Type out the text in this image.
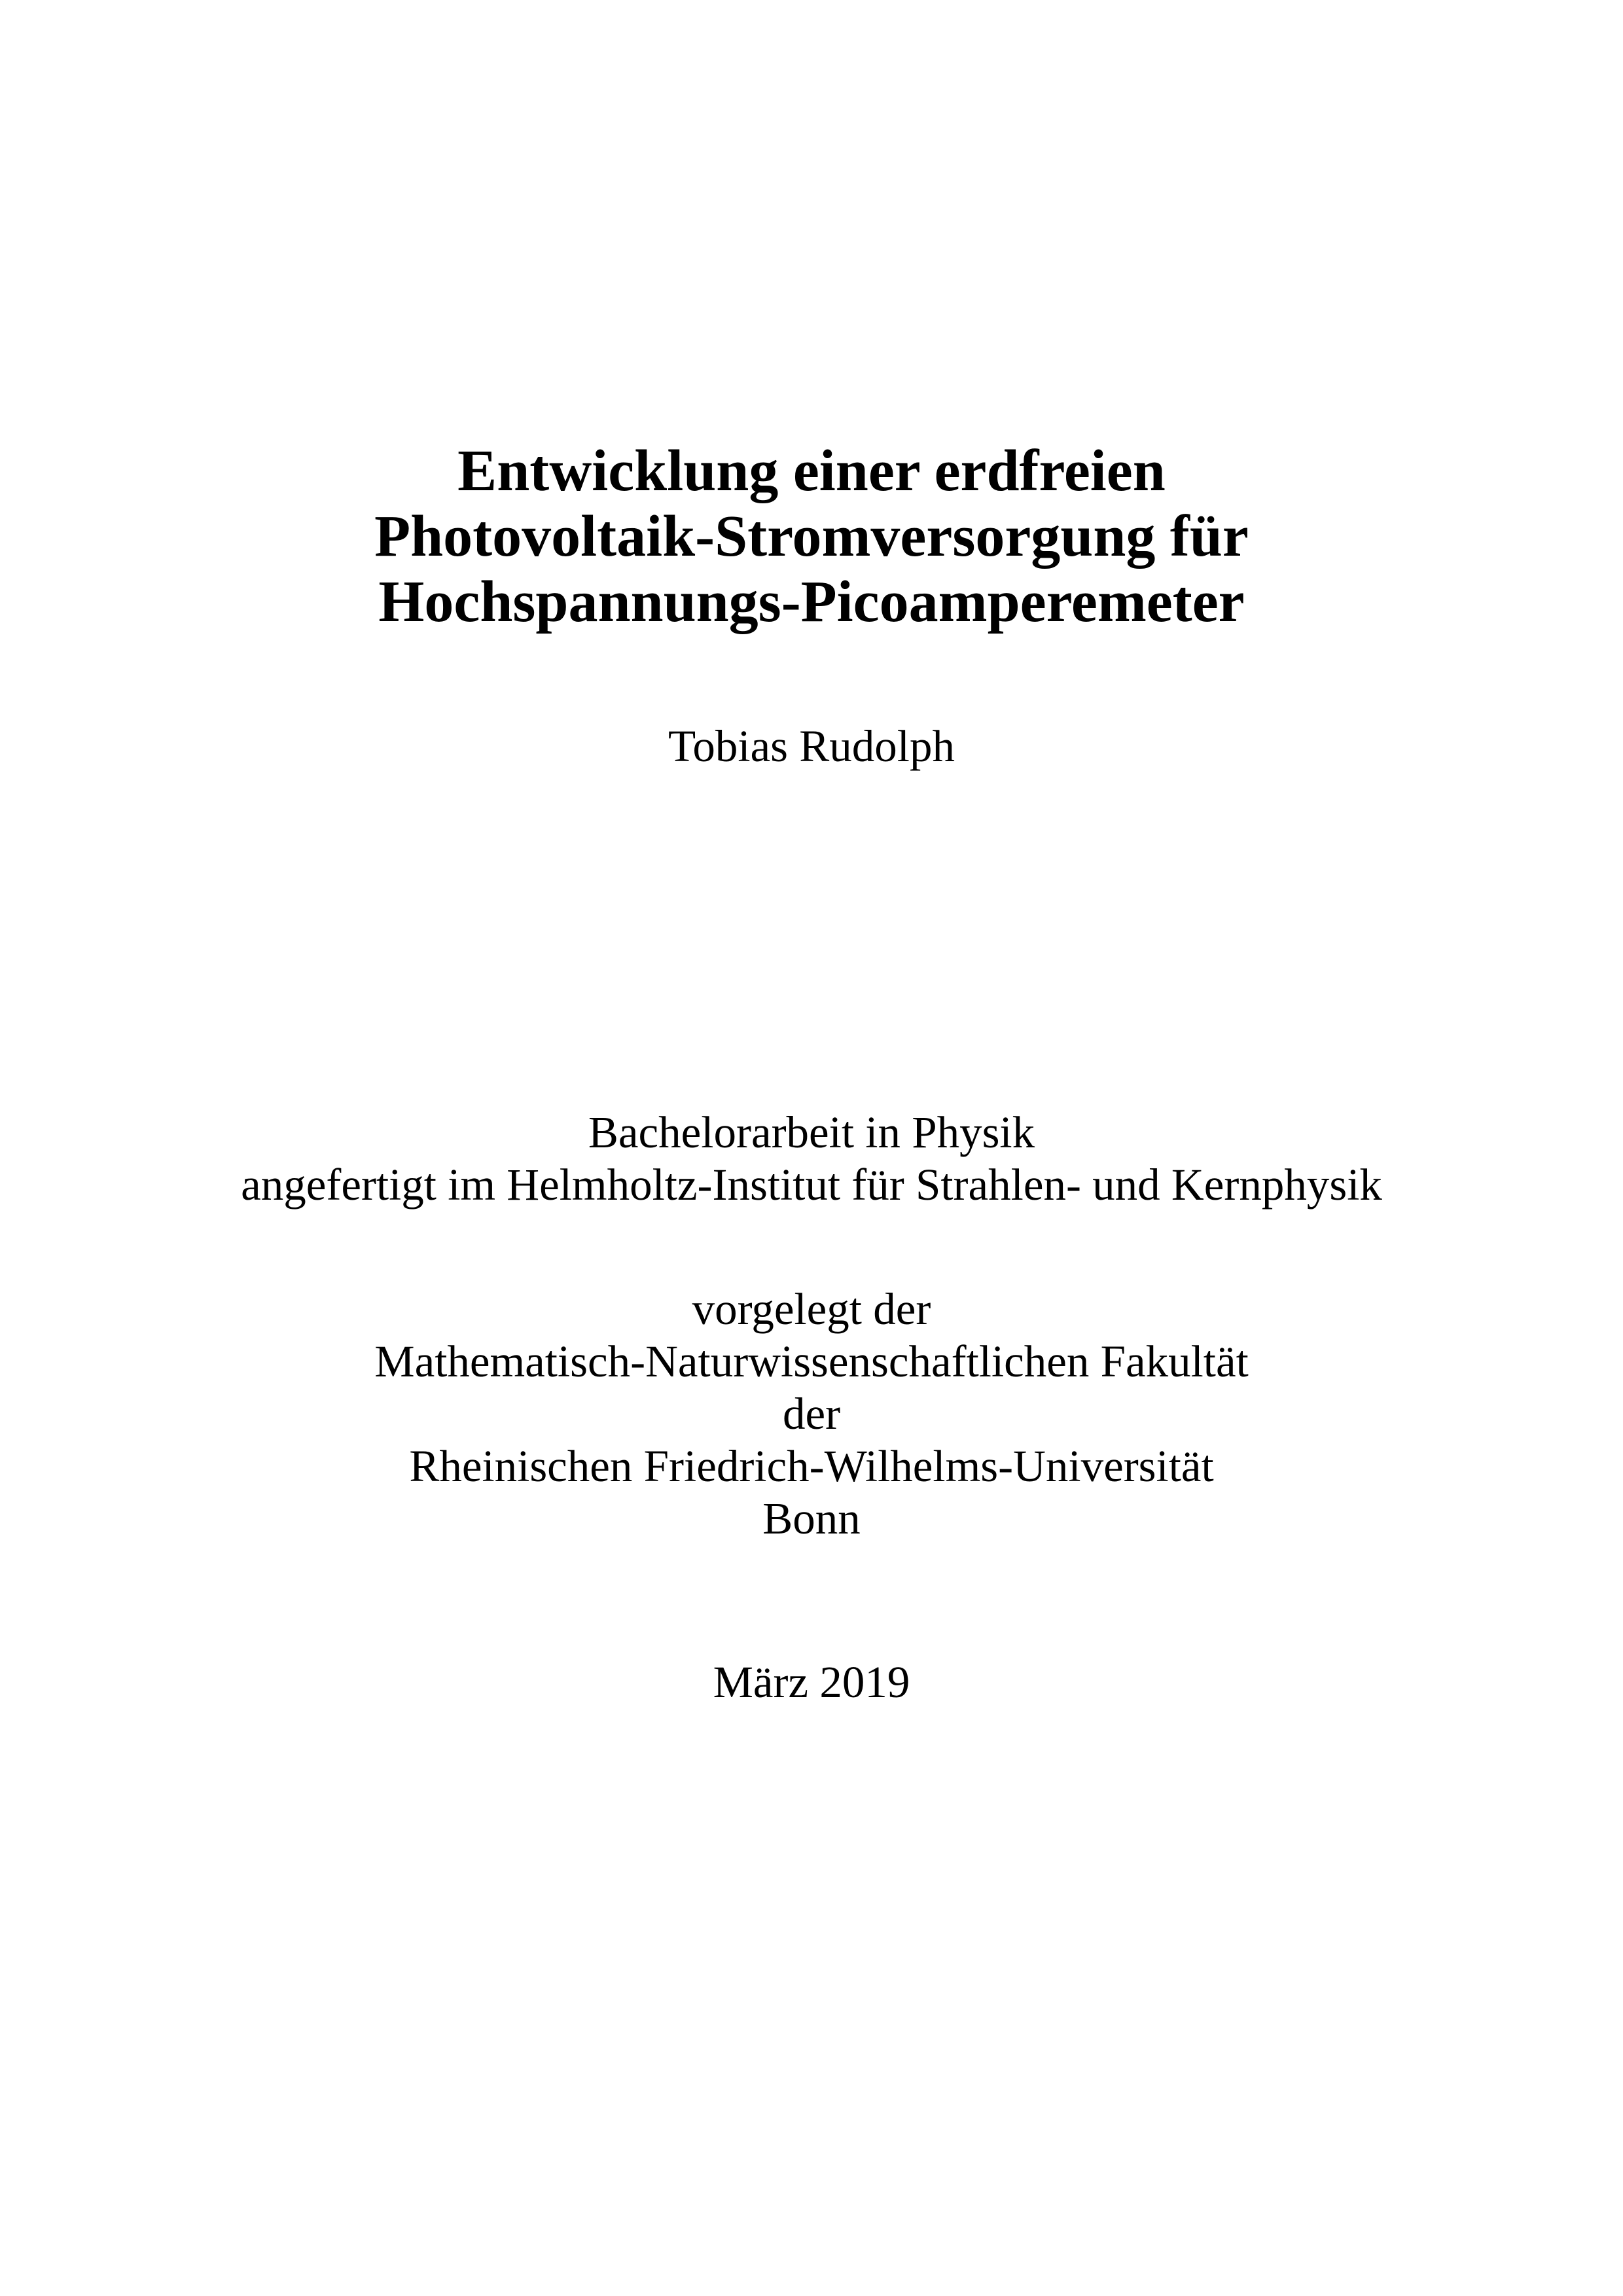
Entwicklung einer erdfreien
Photovoltaik-Stromversorgung für
Hochspannungs-Picoamperemeter
Tobias Rudolph
Bachelorarbeit in Physik
angefertigt im Helmholtz-Institut für Strahlen- und Kernphysik
vorgelegt der
Mathematisch-Naturwissenschaftlichen Fakultät
der
Rheinischen Friedrich-Wilhelms-Universität
Bonn
März 2019
